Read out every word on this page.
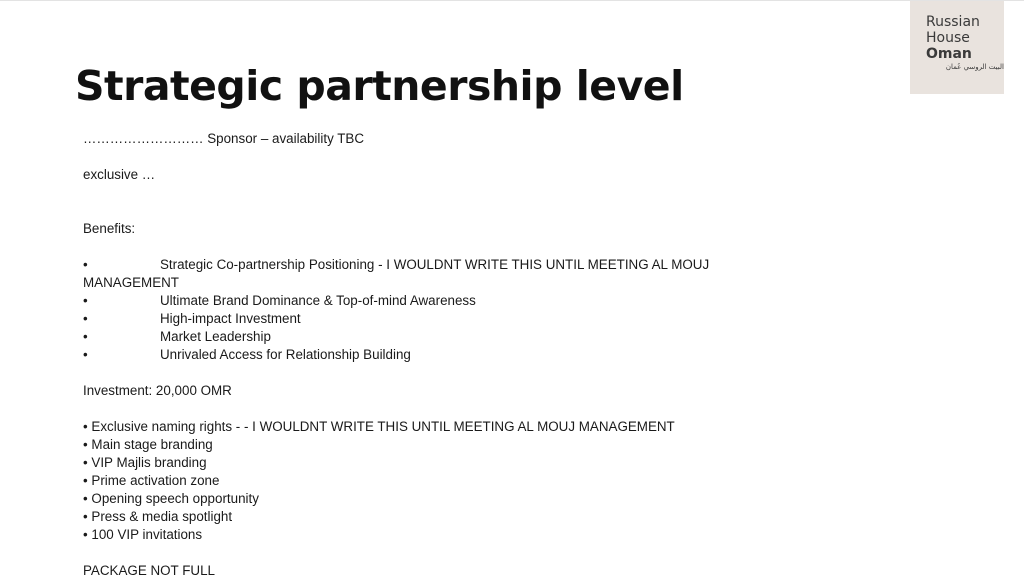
Strategic partnership level
Russian
House
Oman
البيت الروسي عُمان
……………………… Sponsor – availability TBC
exclusive …
Benefits:
•	Strategic Co-partnership Positioning - I WOULDNT WRITE THIS UNTIL MEETING AL MOUJ
MANAGEMENT
•	Ultimate Brand Dominance & Top-of-mind Awareness
•	High-impact Investment
•	Market Leadership
•	Unrivaled Access for Relationship Building
Investment: 20,000 OMR
• Exclusive naming rights - - I WOULDNT WRITE THIS UNTIL MEETING AL MOUJ MANAGEMENT
• Main stage branding
• VIP Majlis branding
• Prime activation zone
• Opening speech opportunity
• Press & media spotlight
• 100 VIP invitations
PACKAGE NOT FULL
